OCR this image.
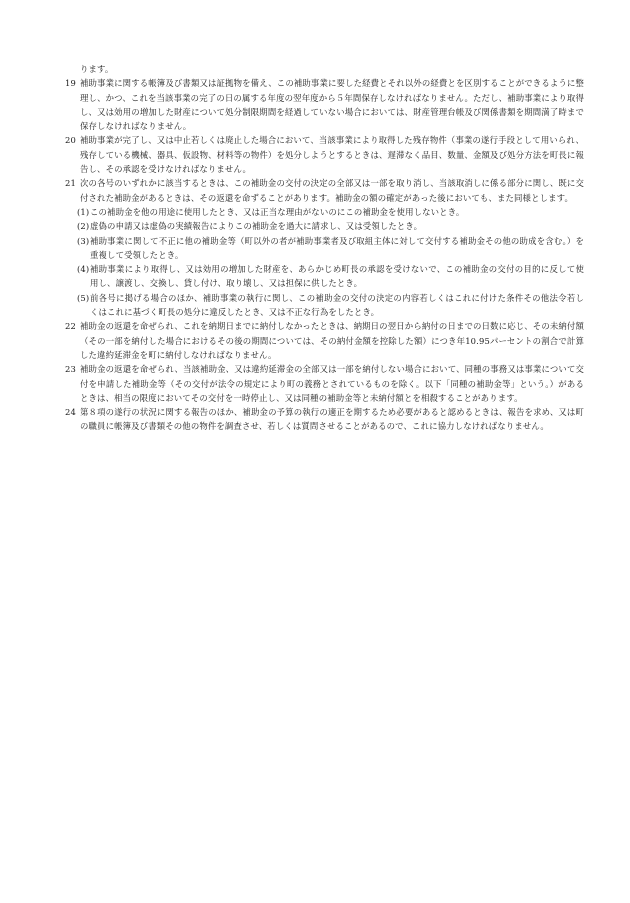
ります。
19 補助事業に関する帳簿及び書類又は証拠物を備え、この補助事業に要した経費とそれ以外の経費とを区別することができるように整理し、かつ、これを当該事業の完了の日の属する年度の翌年度から５年間保存しなければなりません。ただし、補助事業により取得し、又は効用の増加した財産について処分制限期間を経過していない場合においては、財産管理台帳及び関係書類を期間満了時まで保存しなければなりません。
20 補助事業が完了し、又は中止若しくは廃止した場合において、当該事業により取得した残存物件（事業の遂行手段として用いられ、残存している機械、器具、仮設物、材料等の物件）を処分しようとするときは、遅滞なく品目、数量、金額及び処分方法を町長に報告し、その承認を受けなければなりません。
21 次の各号のいずれかに該当するときは、この補助金の交付の決定の全部又は一部を取り消し、当該取消しに係る部分に関し、既に交付された補助金があるときは、その返還を命ずることがあります。補助金の額の確定があった後においても、また同様とします。
(1) この補助金を他の用途に使用したとき、又は正当な理由がないのにこの補助金を使用しないとき。
(2) 虚偽の申請又は虚偽の実績報告によりこの補助金を過大に請求し、又は受領したとき。
(3) 補助事業に関して不正に他の補助金等（町以外の者が補助事業者及び取組主体に対して交付する補助金その他の助成を含む。）を重複して受領したとき。
(4) 補助事業により取得し、又は効用の増加した財産を、あらかじめ町長の承認を受けないで、この補助金の交付の目的に反して使用し、譲渡し、交換し、貸し付け、取り壊し、又は担保に供したとき。
(5) 前各号に掲げる場合のほか、補助事業の執行に関し、この補助金の交付の決定の内容若しくはこれに付けた条件その他法令若しくはこれに基づく町長の処分に違反したとき、又は不正な行為をしたとき。
22 補助金の返還を命ぜられ、これを納期日までに納付しなかったときは、納期日の翌日から納付の日までの日数に応じ、その未納付額（その一部を納付した場合におけるその後の期間については、その納付金額を控除した額）につき年10.95パーセントの割合で計算した違約延滞金を町に納付しなければなりません。
23 補助金の返還を命ぜられ、当該補助金、又は違約延滞金の全部又は一部を納付しない場合において、同種の事務又は事業について交付を申請した補助金等（その交付が法令の規定により町の義務とされているものを除く。以下「同種の補助金等」という。）があるときは、相当の限度においてその交付を一時停止し、又は同種の補助金等と未納付額とを相殺することがあります。
24 第８項の遂行の状況に関する報告のほか、補助金の予算の執行の適正を期するため必要があると認めるときは、報告を求め、又は町の職員に帳簿及び書類その他の物件を調査させ、若しくは質問させることがあるので、これに協力しなければなりません。
